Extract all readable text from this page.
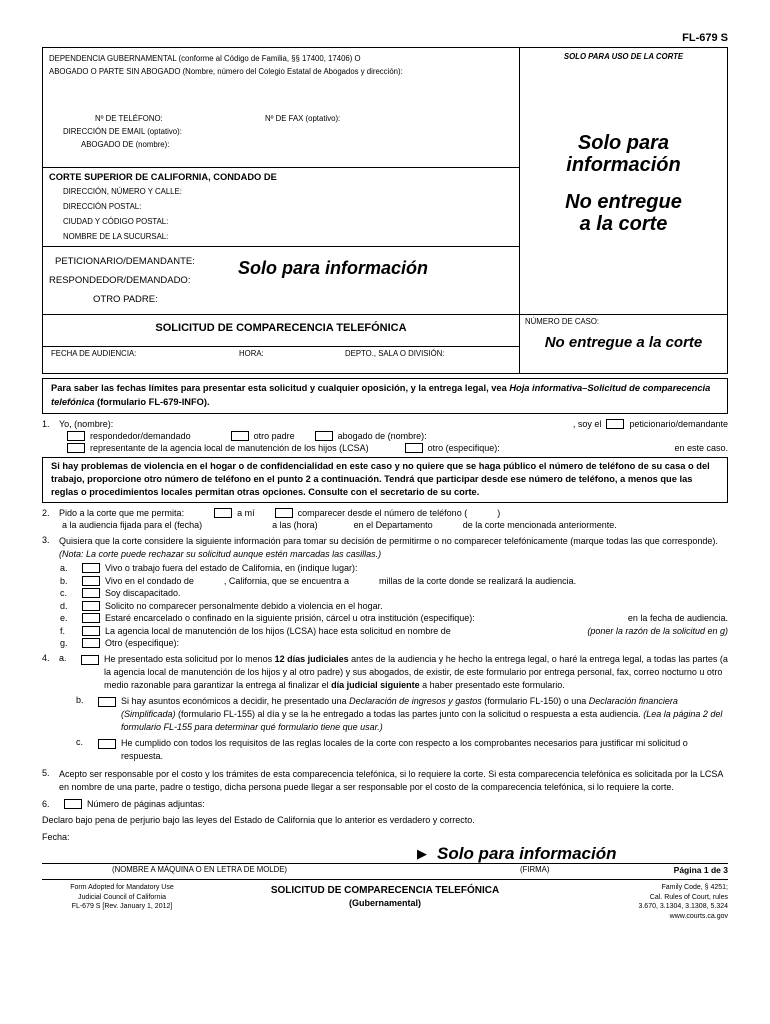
FL-679 S
DEPENDENCIA GUBERNAMENTAL (conforme al Código de Familia, §§ 17400, 17406) O
ABOGADO O PARTE SIN ABOGADO (Nombre, número del Colegio Estatal de Abogados y dirección):
Nº DE TELÉFONO:	Nº DE FAX (optativo):
DIRECCIÓN DE EMAIL (optativo):
ABOGADO DE (nombre):
CORTE SUPERIOR DE CALIFORNIA, CONDADO DE
DIRECCIÓN, NÚMERO Y CALLE:
DIRECCIÓN POSTAL:
CIUDAD Y CÓDIGO POSTAL:
NOMBRE DE LA SUCURSAL:
PETICIONARIO/DEMANDANTE:
RESPONDEDOR/DEMANDADO:
OTRO PADRE:
Solo para información
SOLO PARA USO DE LA CORTE
Solo para
información
No entregue
a la corte
SOLICITUD DE COMPARECENCIA TELEFÓNICA
FECHA DE AUDIENCIA:	HORA:	DEPTO., SALA O DIVISIÓN:
NÚMERO DE CASO:
No entregue a la corte
Para saber las fechas límites para presentar esta solicitud y cualquier oposición, y la entrega legal, vea Hoja informativa–Solicitud de comparecencia telefónica (formulario FL-679-INFO).
1.	Yo, (nombre):	, soy el	peticionario/demandante
respondedor/demandado	otro padre	abogado de (nombre):
representante de la agencia local de manutención de los hijos (LCSA)	otro (especifique):	en este caso.
Si hay problemas de violencia en el hogar o de confidencialidad en este caso y no quiere que se haga público el número de teléfono de su casa o del trabajo, proporcione otro número de teléfono en el punto 2 a continuación. Tendrá que participar desde ese número de teléfono, a menos que las reglas o procedimientos locales permitan otras opciones. Consulte con el secretario de su corte.
2.	Pido a la corte que me permita:	a mí	comparecer desde el número de teléfono (	)
a la audiencia fijada para el (fecha)	a las (hora)	en el Departamento	de la corte mencionada anteriormente.
3.	Quisiera que la corte considere la siguiente información para tomar su decisión de permitirme o no comparecer telefónicamente (marque todas las que corresponde). (Nota: La corte puede rechazar su solicitud aunque estén marcadas las casillas.)
a.	Vivo o trabajo fuera del estado de California, en (indique lugar):
b.	Vivo en el condado de	, California, que se encuentra a	millas de la corte donde se realizará la audiencia.
c.	Soy discapacitado.
d.	Solicito no comparecer personalmente debido a violencia en el hogar.
e.	Estaré encarcelado o confinado en la siguiente prisión, cárcel u otra institución (especifique):	en la fecha de audiencia.
f.	La agencia local de manutención de los hijos (LCSA) hace esta solicitud en nombre de	(poner la razón de la solicitud en g)
g.	Otro (especifique):
4.	a.	He presentado esta solicitud por lo menos 12 días judiciales antes de la audiencia y he hecho la entrega legal, o haré la entrega legal, a todas las partes (a la agencia local de manutención de los hijos y al otro padre) y sus abogados, de existir, de este formulario por entrega personal, fax, correo nocturno u otro medio razonable para garantizar la entrega al finalizar el día judicial siguiente a haber presentado este formulario.
b.	Si hay asuntos económicos a decidir, he presentado una Declaración de ingresos y gastos (formulario FL-150) o una Declaración financiera (Simplificada) (formulario FL-155) al día y se la he entregado a todas las partes junto con la solicitud o respuesta a esta audiencia. (Lea la página 2 del formulario FL-155 para determinar qué formulario tiene que usar.)
c.	He cumplido con todos los requisitos de las reglas locales de la corte con respecto a los comprobantes necesarios para justificar mi solicitud o respuesta.
5.	Acepto ser responsable por el costo y los trámites de esta comparecencia telefónica, si lo requiere la corte. Si esta comparecencia telefónica es solicitada por la LCSA en nombre de una parte, padre o testigo, dicha persona puede llegar a ser responsable por el costo de la comparecencia telefónica, si lo requiere la corte.
6.	Número de páginas adjuntas:
Declaro bajo pena de perjurio bajo las leyes del Estado de California que lo anterior es verdadero y correcto.
Fecha:
▶ Solo para información
(NOMBRE A MÁQUINA O EN LETRA DE MOLDE)	(FIRMA)	Página 1 de 3
Form Adopted for Mandatory Use
Judicial Council of California
FL-679 S [Rev. January 1, 2012]
SOLICITUD DE COMPARECENCIA TELEFÓNICA
(Gubernamental)
Family Code, § 4251;
Cal. Rules of Court, rules
3.670, 3.1304, 3.1308, 5.324
www.courts.ca.gov
